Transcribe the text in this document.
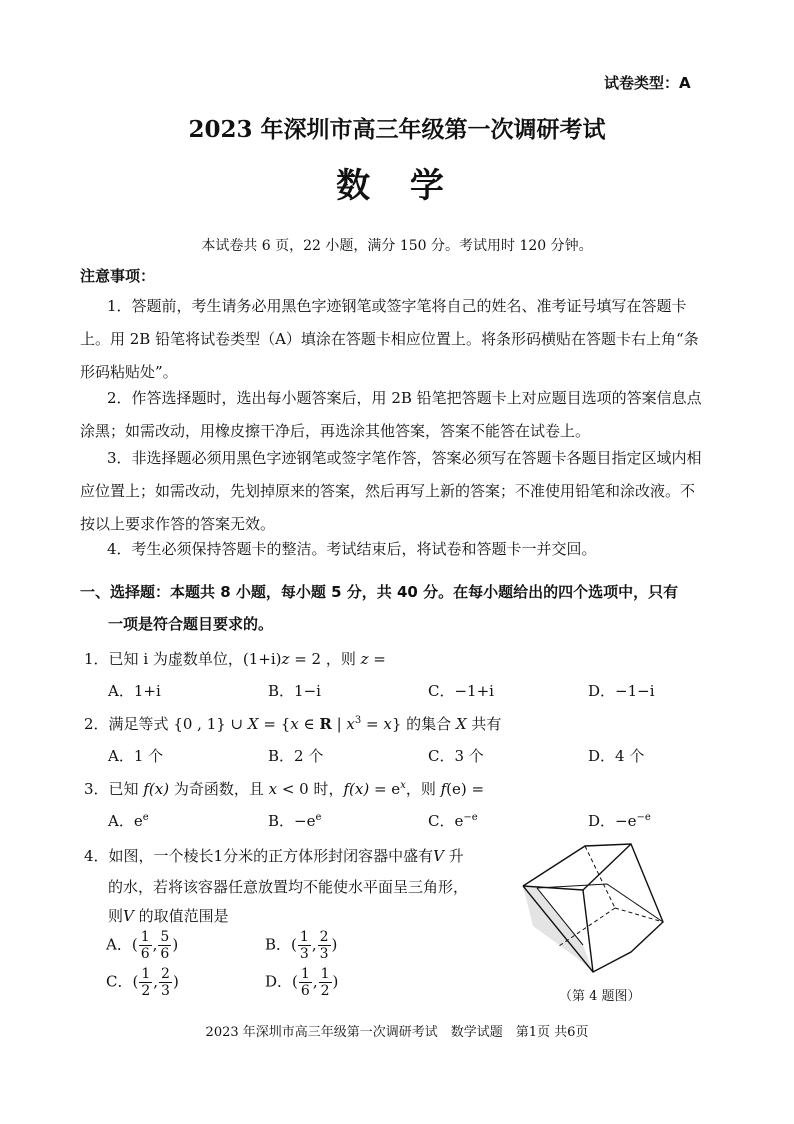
试卷类型：A
2023 年深圳市高三年级第一次调研考试
数 学
本试卷共 6 页，22 小题，满分 150 分。考试用时 120 分钟。
注意事项：
1．答题前，考生请务必用黑色字迹钢笔或签字笔将自己的姓名、准考证号填写在答题卡上。用 2B 铅笔将试卷类型（A）填涂在答题卡相应位置上。将条形码横贴在答题卡右上角“条形码粘贴处”。
2．作答选择题时，选出每小题答案后，用 2B 铅笔把答题卡上对应题目选项的答案信息点涂黑；如需改动，用橡皮擦干净后，再选涂其他答案，答案不能答在试卷上。
3．非选择题必须用黑色字迹钢笔或签字笔作答，答案必须写在答题卡各题目指定区域内相应位置上；如需改动，先划掉原来的答案，然后再写上新的答案；不准使用铅笔和涂改液。不按以上要求作答的答案无效。
4．考生必须保持答题卡的整洁。考试结束后，将试卷和答题卡一并交回。
一、选择题：本题共 8 小题，每小题 5 分，共 40 分。在每小题给出的四个选项中，只有
一项是符合题目要求的。
1．已知 i 为虚数单位，(1+i)z = 2 ，则 z =
A．1+i	B．1−i	C．−1+i	D．−1−i
2．满足等式 {0 , 1} ∪ X = {x ∈ R | $x^3 = x$} 的集合 X 共有
A．1 个	B．2 个	C．3 个	D．4 个
3．已知 f(x) 为奇函数，且 x < 0 时，$f(x) = e^x$，则 f(e) =
A．$e^e$	B．$-e^e$	C．$e^{-e}$	D．$-e^{-e}$
4．如图，一个棱长1分米的正方体形封闭容器中盛有V 升
的水，若将该容器任意放置均不能使水平面呈三角形，
则V 的取值范围是
A．( $\frac{1}{6}$ , $\frac{5}{6}$ )	B．( $\frac{1}{3}$ , $\frac{2}{3}$ )
C．( $\frac{1}{2}$ , $\frac{2}{3}$ )	D．( $\frac{1}{6}$ , $\frac{1}{2}$ )
（第 4 题图）
2023 年深圳市高三年级第一次调研考试　数学试题　第1页 共6页
